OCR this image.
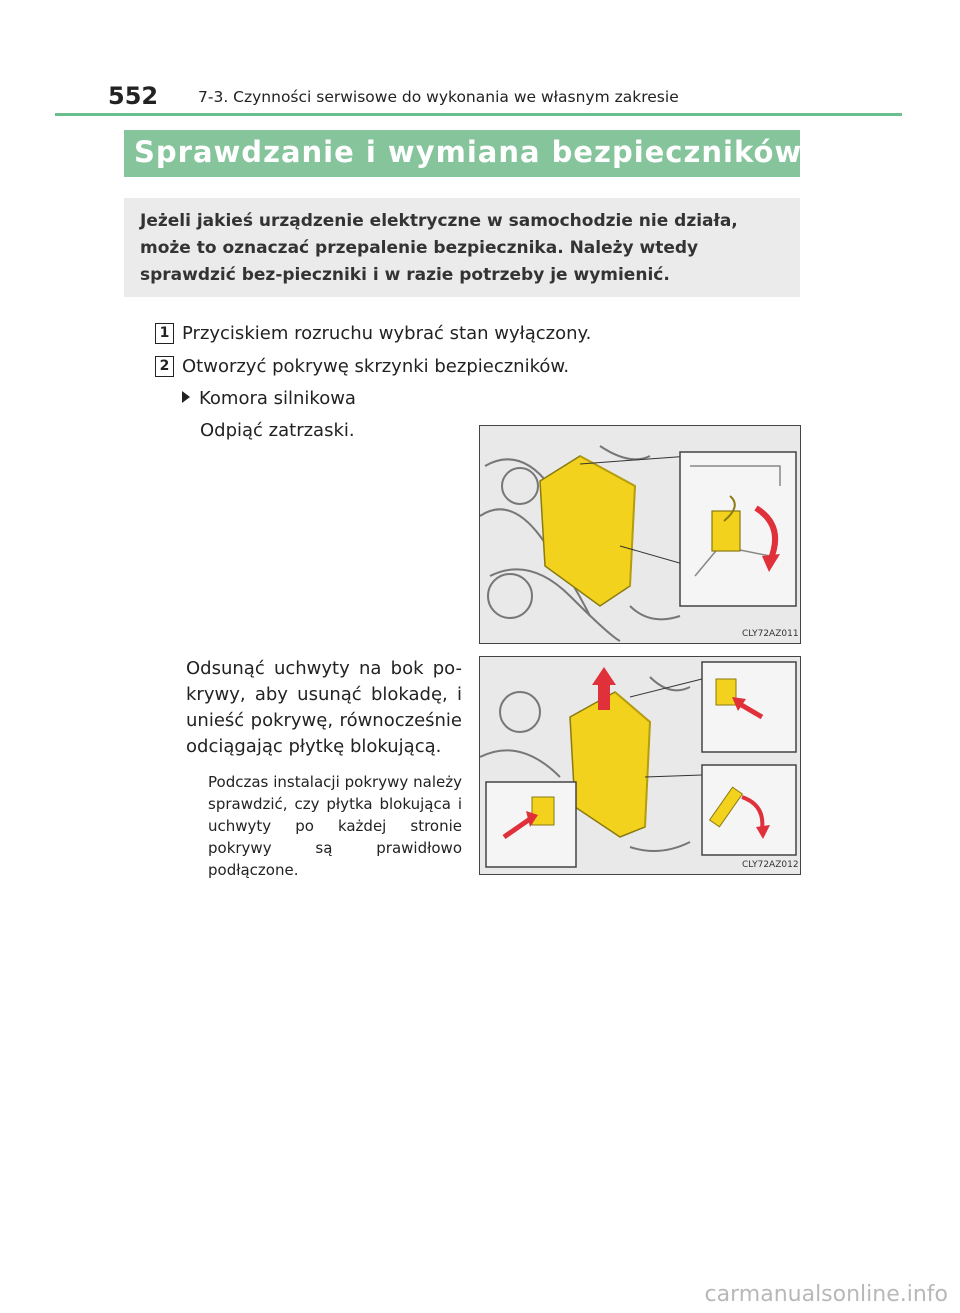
552	7-3. Czynności serwisowe do wykonania we własnym zakresie
Sprawdzanie i wymiana bezpieczników
Jeżeli jakieś urządzenie elektryczne w samochodzie nie działa, może to oznaczać przepalenie bezpiecznika. Należy wtedy sprawdzić bez-pieczniki i w razie potrzeby je wymienić.
1 Przyciskiem rozruchu wybrać stan wyłączony.
2 Otworzyć pokrywę skrzynki bezpieczników.
Komora silnikowa
Odpiąć zatrzaski.
Odsunąć uchwyty na bok po-krywy, aby usunąć blokadę, i unieść pokrywę, równocześnie odciągając płytkę blokującą.
Podczas instalacji pokrywy należy sprawdzić, czy płytka blokująca i uchwyty po każdej stronie pokrywy są prawidłowo podłączone.
CLY72AZ011
CLY72AZ012
carmanualsonline.info
